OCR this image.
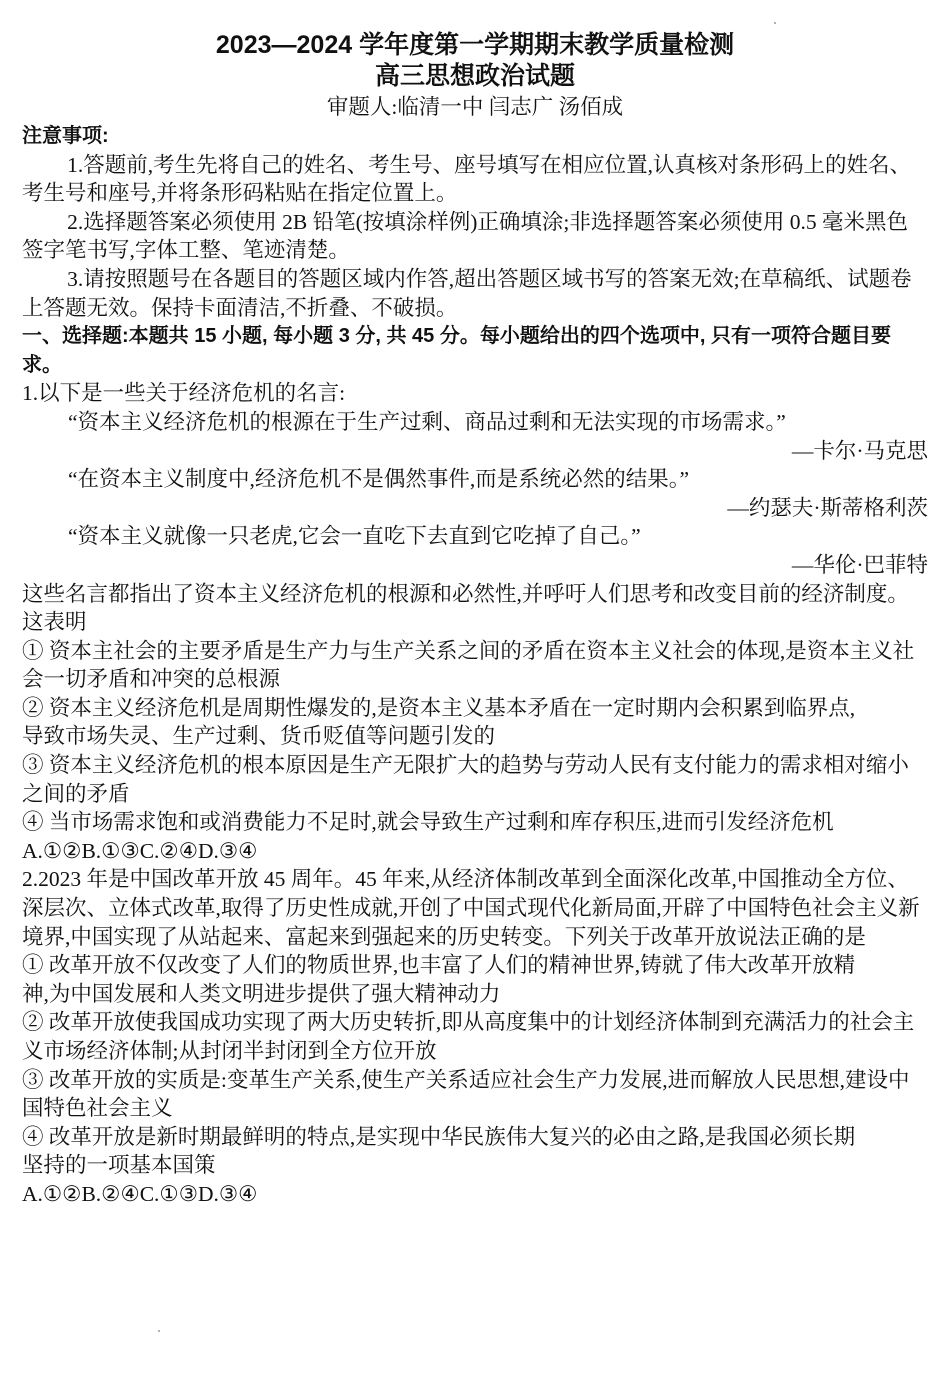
2023—2024 学年度第一学期期末教学质量检测
高三思想政治试题
审题人:临清一中 闫志广 汤佰成

注意事项:

1.答题前,考生先将自己的姓名、考生号、座号填写在相应位置,认真核对条形码上的姓名、考生号和座号,并将条形码粘贴在指定位置上。

2.选择题答案必须使用 2B 铅笔(按填涂样例)正确填涂;非选择题答案必须使用 0.5 毫米黑色签字笔书写,字体工整、笔迹清楚。

3.请按照题号在各题目的答题区域内作答,超出答题区域书写的答案无效;在草稿纸、试题卷上答题无效。保持卡面清洁,不折叠、不破损。

一、选择题:本题共 15 小题, 每小题 3 分, 共 45 分。每小题给出的四个选项中, 只有一项符合题目要求。

1.以下是一些关于经济危机的名言:

“资本主义经济危机的根源在于生产过剩、商品过剩和无法实现的市场需求。”

—卡尔·马克思

“在资本主义制度中,经济危机不是偶然事件,而是系统必然的结果。”

—约瑟夫·斯蒂格利茨

“资本主义就像一只老虎,它会一直吃下去直到它吃掉了自己。”

—华伦·巴菲特

这些名言都指出了资本主义经济危机的根源和必然性,并呼吁人们思考和改变目前的经济制度。这表明

① 资本主社会的主要矛盾是生产力与生产关系之间的矛盾在资本主义社会的体现,是资本主义社会一切矛盾和冲突的总根源

② 资本主义经济危机是周期性爆发的,是资本主义基本矛盾在一定时期内会积累到临界点,

导致市场失灵、生产过剩、货币贬值等问题引发的

③ 资本主义经济危机的根本原因是生产无限扩大的趋势与劳动人民有支付能力的需求相对缩小之间的矛盾

④ 当市场需求饱和或消费能力不足时,就会导致生产过剩和库存积压,进而引发经济危机

A.①②B.①③C.②④D.③④

2.2023 年是中国改革开放 45 周年。45 年来,从经济体制改革到全面深化改革,中国推动全方位、深层次、立体式改革,取得了历史性成就,开创了中国式现代化新局面,开辟了中国特色社会主义新境界,中国实现了从站起来、富起来到强起来的历史转变。下列关于改革开放说法正确的是

① 改革开放不仅改变了人们的物质世界,也丰富了人们的精神世界,铸就了伟大改革开放精

神,为中国发展和人类文明进步提供了强大精神动力

② 改革开放使我国成功实现了两大历史转折,即从高度集中的计划经济体制到充满活力的社会主义市场经济体制;从封闭半封闭到全方位开放

③ 改革开放的实质是:变革生产关系,使生产关系适应社会生产力发展,进而解放人民思想,建设中国特色社会主义

④ 改革开放是新时期最鲜明的特点,是实现中华民族伟大复兴的必由之路,是我国必须长期

坚持的一项基本国策

A.①②B.②④C.①③D.③④
